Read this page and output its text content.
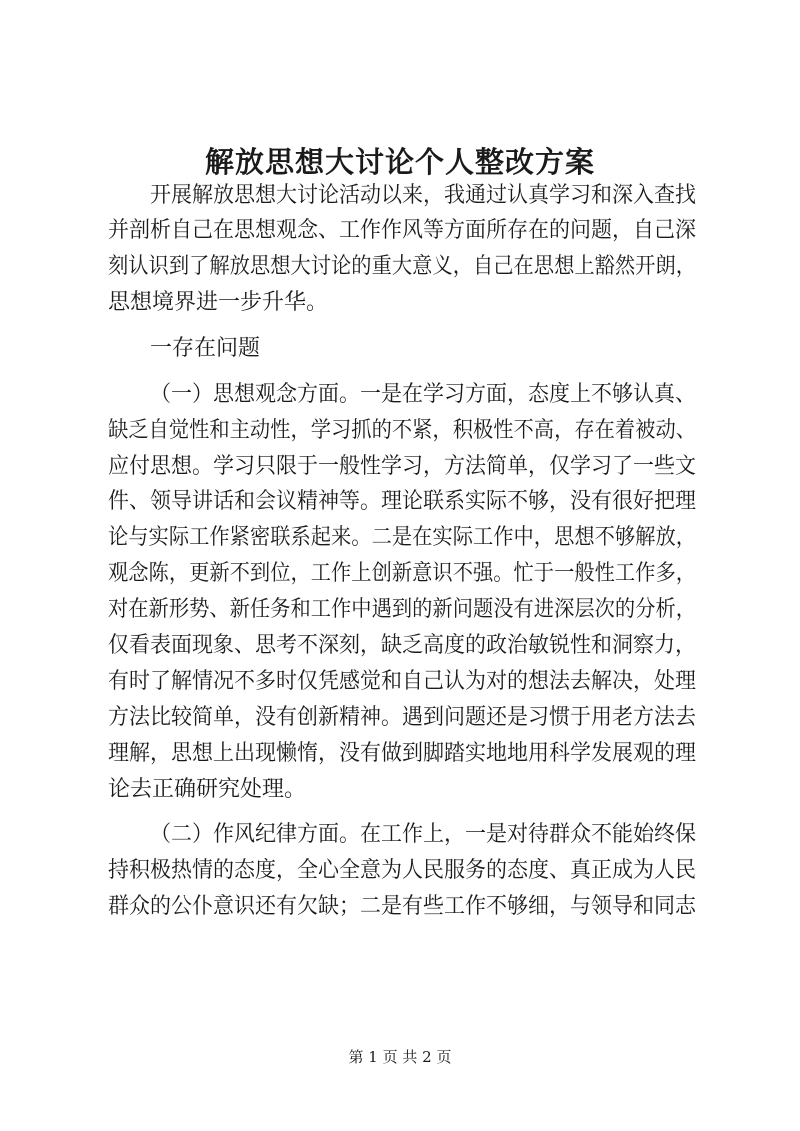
解放思想大讨论个人整改方案
开展解放思想大讨论活动以来，我通过认真学习和深入查找
并剖析自己在思想观念、工作作风等方面所存在的问题，自己深
刻认识到了解放思想大讨论的重大意义，自己在思想上豁然开朗，
思想境界进一步升华。
一存在问题
（一）思想观念方面。一是在学习方面，态度上不够认真、
缺乏自觉性和主动性，学习抓的不紧，积极性不高，存在着被动、
应付思想。学习只限于一般性学习，方法简单，仅学习了一些文
件、领导讲话和会议精神等。理论联系实际不够，没有很好把理
论与实际工作紧密联系起来。二是在实际工作中，思想不够解放，
观念陈，更新不到位，工作上创新意识不强。忙于一般性工作多，
对在新形势、新任务和工作中遇到的新问题没有进深层次的分析，
仅看表面现象、思考不深刻，缺乏高度的政治敏锐性和洞察力，
有时了解情况不多时仅凭感觉和自己认为对的想法去解决，处理
方法比较简单，没有创新精神。遇到问题还是习惯于用老方法去
理解，思想上出现懒惰，没有做到脚踏实地地用科学发展观的理
论去正确研究处理。
（二）作风纪律方面。在工作上，一是对待群众不能始终保
持积极热情的态度，全心全意为人民服务的态度、真正成为人民
群众的公仆意识还有欠缺；二是有些工作不够细，与领导和同志
第 1 页 共 2 页
